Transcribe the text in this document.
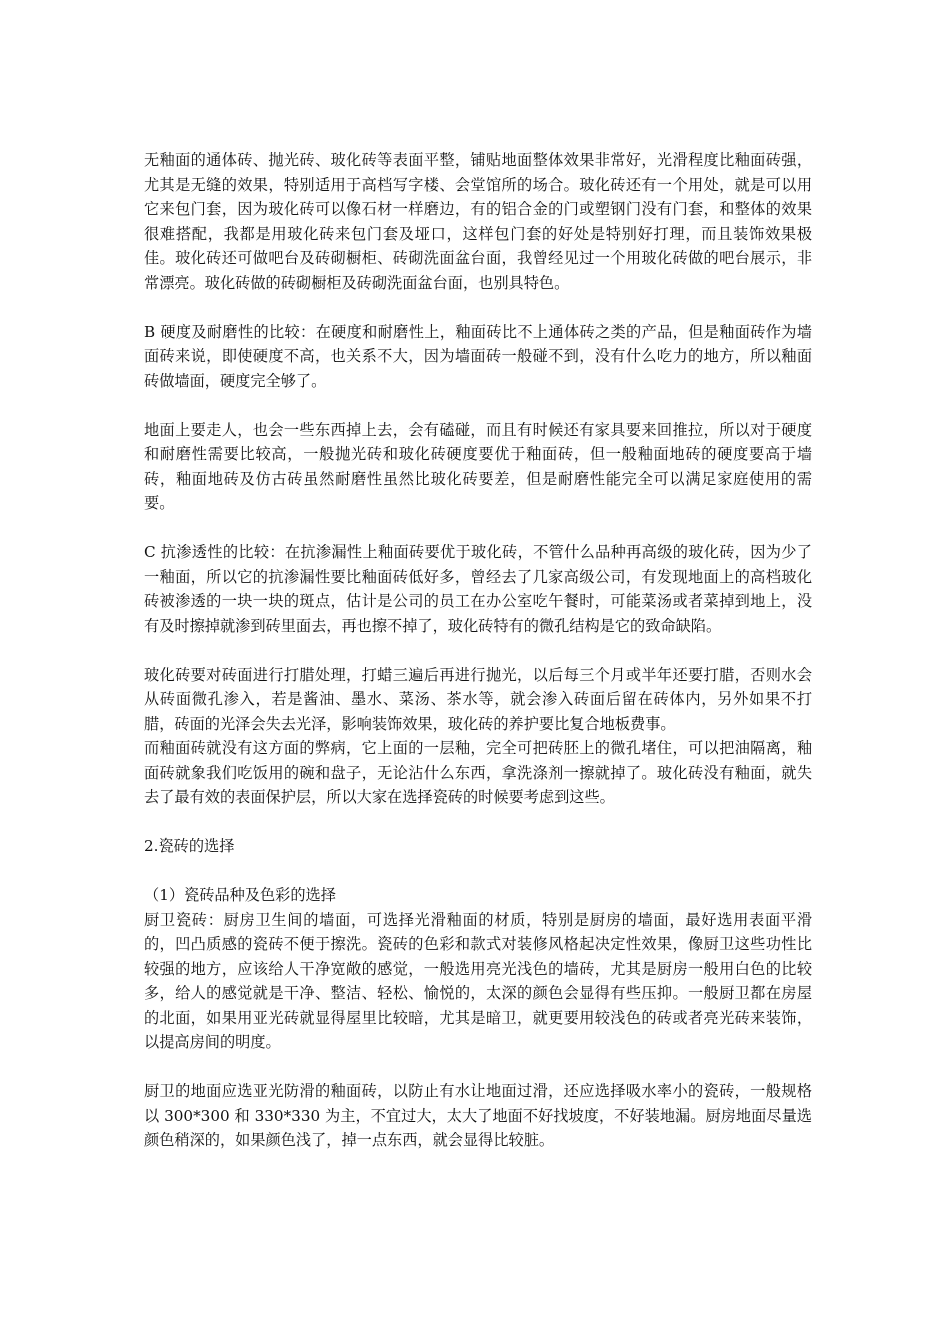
无釉面的通体砖、抛光砖、玻化砖等表面平整，铺贴地面整体效果非常好，光滑程度比釉面砖强，尤其是无缝的效果，特别适用于高档写字楼、会堂馆所的场合。玻化砖还有一个用处，就是可以用它来包门套，因为玻化砖可以像石材一样磨边，有的铝合金的门或塑钢门没有门套，和整体的效果很难搭配，我都是用玻化砖来包门套及垭口，这样包门套的好处是特别好打理，而且装饰效果极佳。玻化砖还可做吧台及砖砌橱柜、砖砌洗面盆台面，我曾经见过一个用玻化砖做的吧台展示，非常漂亮。玻化砖做的砖砌橱柜及砖砌洗面盆台面，也别具特色。

B 硬度及耐磨性的比较：在硬度和耐磨性上，釉面砖比不上通体砖之类的产品，但是釉面砖作为墙面砖来说，即使硬度不高，也关系不大，因为墙面砖一般碰不到，没有什么吃力的地方，所以釉面砖做墙面，硬度完全够了。

地面上要走人，也会一些东西掉上去，会有磕碰，而且有时候还有家具要来回推拉，所以对于硬度和耐磨性需要比较高，一般抛光砖和玻化砖硬度要优于釉面砖，但一般釉面地砖的硬度要高于墙砖，釉面地砖及仿古砖虽然耐磨性虽然比玻化砖要差，但是耐磨性能完全可以满足家庭使用的需要。

C 抗渗透性的比较：在抗渗漏性上釉面砖要优于玻化砖，不管什么品种再高级的玻化砖，因为少了一釉面，所以它的抗渗漏性要比釉面砖低好多，曾经去了几家高级公司，有发现地面上的高档玻化砖被渗透的一块一块的斑点，估计是公司的员工在办公室吃午餐时，可能菜汤或者菜掉到地上，没有及时擦掉就渗到砖里面去，再也擦不掉了，玻化砖特有的微孔结构是它的致命缺陷。

玻化砖要对砖面进行打腊处理，打蜡三遍后再进行抛光，以后每三个月或半年还要打腊，否则水会从砖面微孔渗入，若是酱油、墨水、菜汤、茶水等，就会渗入砖面后留在砖体内，另外如果不打腊，砖面的光泽会失去光泽，影响装饰效果，玻化砖的养护要比复合地板费事。

而釉面砖就没有这方面的弊病，它上面的一层釉，完全可把砖胚上的微孔堵住，可以把油隔离，釉面砖就象我们吃饭用的碗和盘子，无论沾什么东西，拿洗涤剂一擦就掉了。玻化砖没有釉面，就失去了最有效的表面保护层，所以大家在选择瓷砖的时候要考虑到这些。

2.瓷砖的选择

（1）瓷砖品种及色彩的选择

厨卫瓷砖：厨房卫生间的墙面，可选择光滑釉面的材质，特别是厨房的墙面，最好选用表面平滑的，凹凸质感的瓷砖不便于擦洗。瓷砖的色彩和款式对装修风格起决定性效果，像厨卫这些功性比较强的地方，应该给人干净宽敞的感觉，一般选用亮光浅色的墙砖，尤其是厨房一般用白色的比较多，给人的感觉就是干净、整洁、轻松、愉悦的，太深的颜色会显得有些压抑。一般厨卫都在房屋的北面，如果用亚光砖就显得屋里比较暗，尤其是暗卫，就更要用较浅色的砖或者亮光砖来装饰，以提高房间的明度。

厨卫的地面应选亚光防滑的釉面砖，以防止有水让地面过滑，还应选择吸水率小的瓷砖，一般规格以 300*300 和 330*330 为主，不宜过大，太大了地面不好找坡度，不好装地漏。厨房地面尽量选颜色稍深的，如果颜色浅了，掉一点东西，就会显得比较脏。
